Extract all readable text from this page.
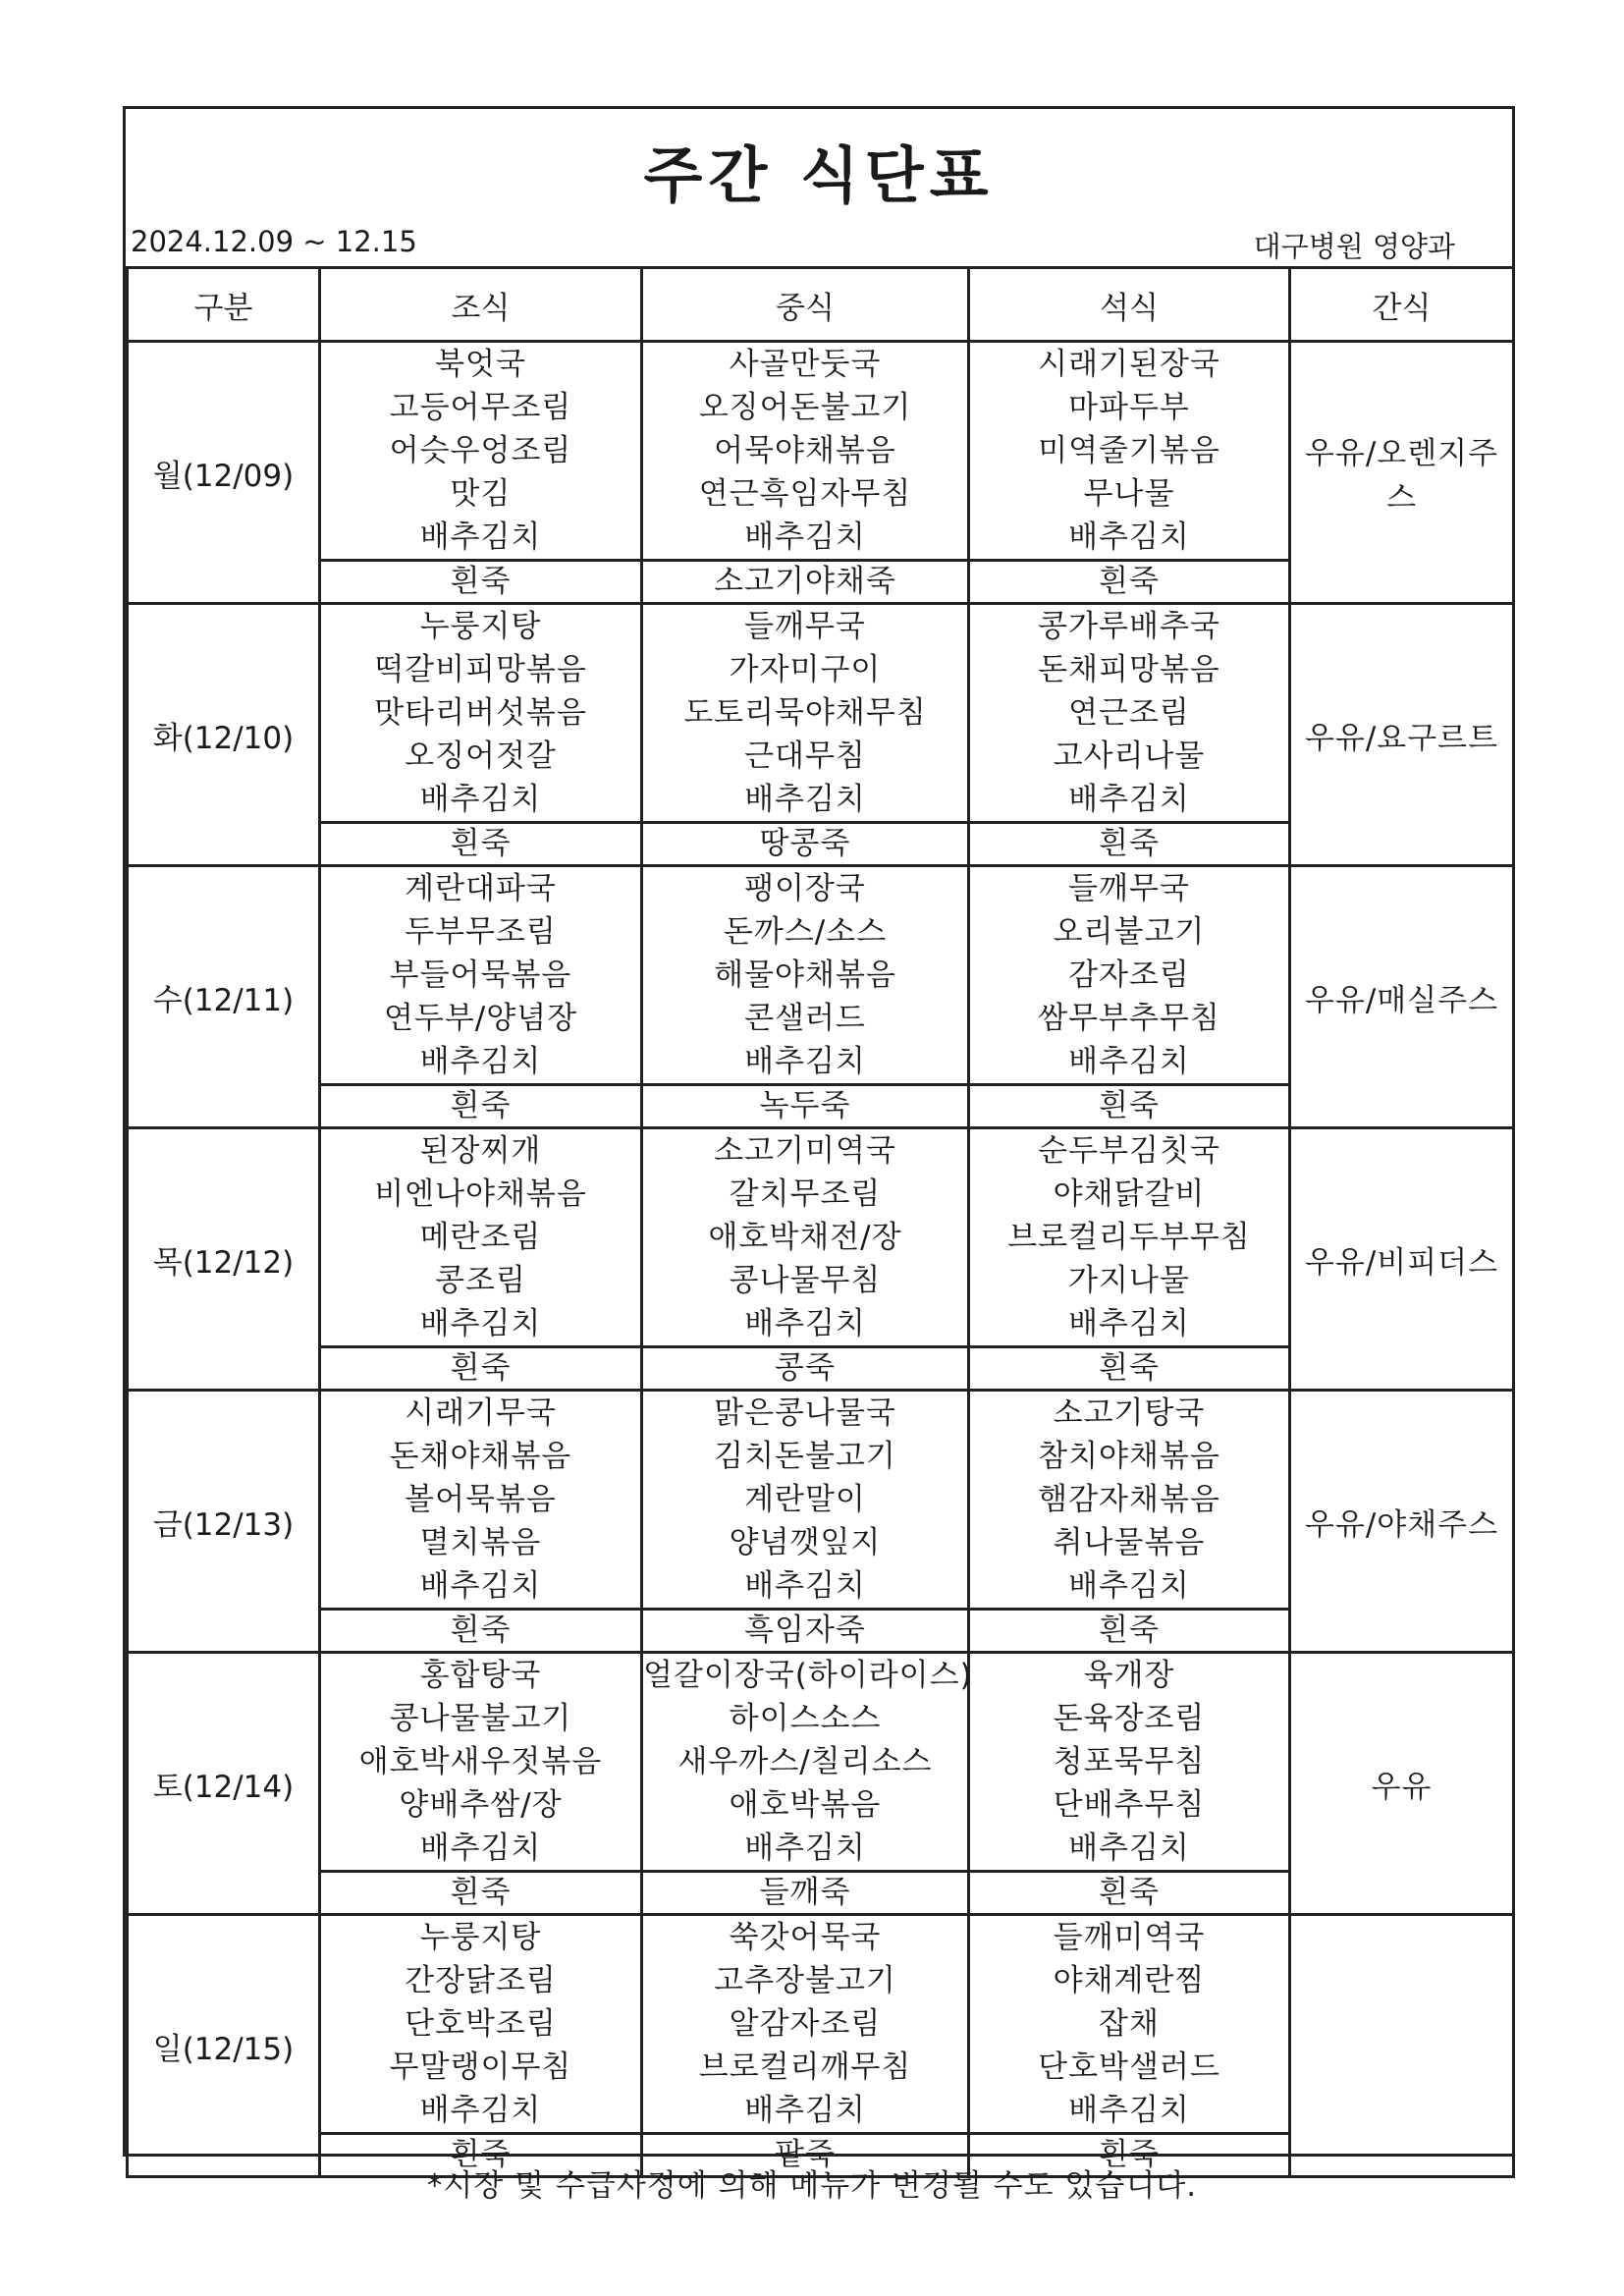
주간 식단표
2024.12.09 ~ 12.15	대구병원 영양과
구분	조식	중식	석식	간식
월(12/09)	북엇국
고등어무조림
어슷우엉조림
맛김
배추김치	사골만둣국
오징어돈불고기
어묵야채볶음
연근흑임자무침
배추김치	시래기된장국
마파두부
미역줄기볶음
무나물
배추김치	우유/오렌지주스

	흰죽	소고기야채죽	흰죽	

화(12/10)	누룽지탕
떡갈비피망볶음
맛타리버섯볶음
오징어젓갈
배추김치	들깨무국
가자미구이
도토리묵야채무침
근대무침
배추김치	콩가루배추국
돈채피망볶음
연근조림
고사리나물
배추김치	우유/요구르트

	흰죽	땅콩죽	흰죽	

수(12/11)	계란대파국
두부무조림
부들어묵볶음
연두부/양념장
배추김치	팽이장국
돈까스/소스
해물야채볶음
콘샐러드
배추김치	들깨무국
오리불고기
감자조림
쌈무부추무침
배추김치	우유/매실주스

	흰죽	녹두죽	흰죽	

목(12/12)	된장찌개
비엔나야채볶음
메란조림
콩조림
배추김치	소고기미역국
갈치무조림
애호박채전/장
콩나물무침
배추김치	순두부김칫국
야채닭갈비
브로컬리두부무침
가지나물
배추김치	우유/비피더스

	흰죽	콩죽	흰죽	

금(12/13)	시래기무국
돈채야채볶음
볼어묵볶음
멸치볶음
배추김치	맑은콩나물국
김치돈불고기
계란말이
양념깻잎지
배추김치	소고기탕국
참치야채볶음
햄감자채볶음
취나물볶음
배추김치	우유/야채주스

	흰죽	흑임자죽	흰죽	

토(12/14)	홍합탕국
콩나물불고기
애호박새우젓볶음
양배추쌈/장
배추김치	얼갈이장국(하이라이스)
하이스소스
새우까스/칠리소스
애호박볶음
배추김치	육개장
돈육장조림
청포묵무침
단배추무침
배추김치	우유

	흰죽	들깨죽	흰죽	

일(12/15)	누룽지탕
간장닭조림
단호박조림
무말랭이무침
배추김치	쑥갓어묵국
고추장불고기
알감자조림
브로컬리깨무침
배추김치	들깨미역국
야채계란찜
잡채
단호박샐러드
배추김치	

	흰죽	팥죽	흰죽	
*시장 및 수급사정에 의해 메뉴가 변경될 수도 있습니다.
